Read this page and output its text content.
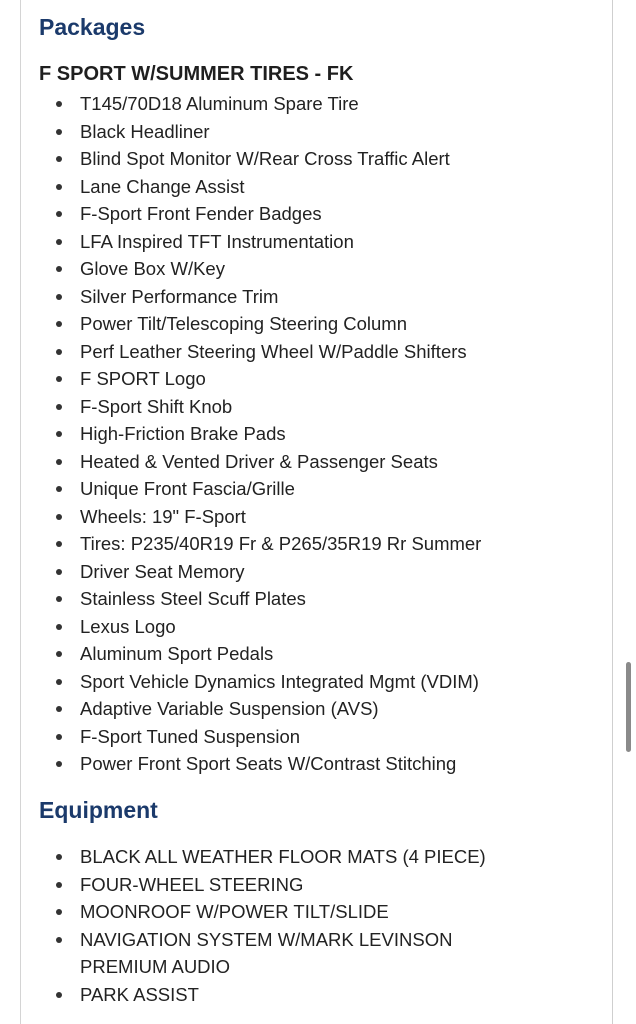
Packages
F SPORT W/SUMMER TIRES - FK
T145/70D18 Aluminum Spare Tire
Black Headliner
Blind Spot Monitor W/Rear Cross Traffic Alert
Lane Change Assist
F-Sport Front Fender Badges
LFA Inspired TFT Instrumentation
Glove Box W/Key
Silver Performance Trim
Power Tilt/Telescoping Steering Column
Perf Leather Steering Wheel W/Paddle Shifters
F SPORT Logo
F-Sport Shift Knob
High-Friction Brake Pads
Heated & Vented Driver & Passenger Seats
Unique Front Fascia/Grille
Wheels: 19" F-Sport
Tires: P235/40R19 Fr & P265/35R19 Rr Summer
Driver Seat Memory
Stainless Steel Scuff Plates
Lexus Logo
Aluminum Sport Pedals
Sport Vehicle Dynamics Integrated Mgmt (VDIM)
Adaptive Variable Suspension (AVS)
F-Sport Tuned Suspension
Power Front Sport Seats W/Contrast Stitching
Equipment
BLACK ALL WEATHER FLOOR MATS (4 PIECE)
FOUR-WHEEL STEERING
MOONROOF W/POWER TILT/SLIDE
NAVIGATION SYSTEM W/MARK LEVINSON PREMIUM AUDIO
PARK ASSIST
